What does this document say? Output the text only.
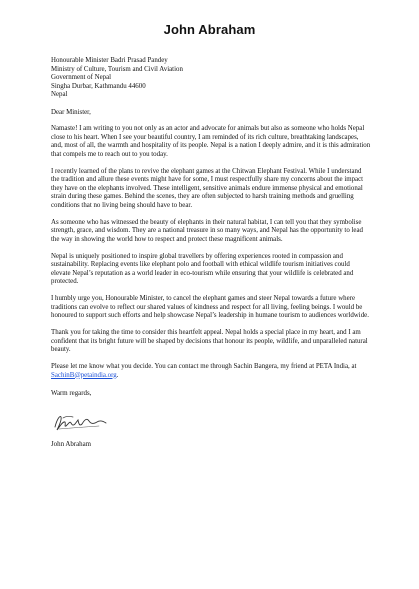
John Abraham
Honourable Minister Badri Prasad Pandey
Ministry of Culture, Tourism and Civil Aviation
Government of Nepal
Singha Durbar, Kathmandu 44600
Nepal
Dear Minister,

Namaste! I am writing to you not only as an actor and advocate for animals but also as someone who holds Nepal close to his heart. When I see your beautiful country, I am reminded of its rich culture, breathtaking landscapes, and, most of all, the warmth and hospitality of its people. Nepal is a nation I deeply admire, and it is this admiration that compels me to reach out to you today.

I recently learned of the plans to revive the elephant games at the Chitwan Elephant Festival. While I understand the tradition and allure these events might have for some, I must respectfully share my concerns about the impact they have on the elephants involved. These intelligent, sensitive animals endure immense physical and emotional strain during these games. Behind the scenes, they are often subjected to harsh training methods and gruelling conditions that no living being should have to bear.

As someone who has witnessed the beauty of elephants in their natural habitat, I can tell you that they symbolise strength, grace, and wisdom. They are a national treasure in so many ways, and Nepal has the opportunity to lead the way in showing the world how to respect and protect these magnificent animals.

Nepal is uniquely positioned to inspire global travellers by offering experiences rooted in compassion and sustainability. Replacing events like elephant polo and football with ethical wildlife tourism initiatives could elevate Nepal’s reputation as a world leader in eco-tourism while ensuring that your wildlife is celebrated and protected.

I humbly urge you, Honourable Minister, to cancel the elephant games and steer Nepal towards a future where traditions can evolve to reflect our shared values of kindness and respect for all living, feeling beings. I would be honoured to support such efforts and help showcase Nepal’s leadership in humane tourism to audiences worldwide.

Thank you for taking the time to consider this heartfelt appeal. Nepal holds a special place in my heart, and I am confident that its bright future will be shaped by decisions that honour its people, wildlife, and unparalleled natural beauty.

Please let me know what you decide. You can contact me through Sachin Bangera, my friend at PETA India, at SachinB@petaindia.org.

Warm regards,
John Abraham
